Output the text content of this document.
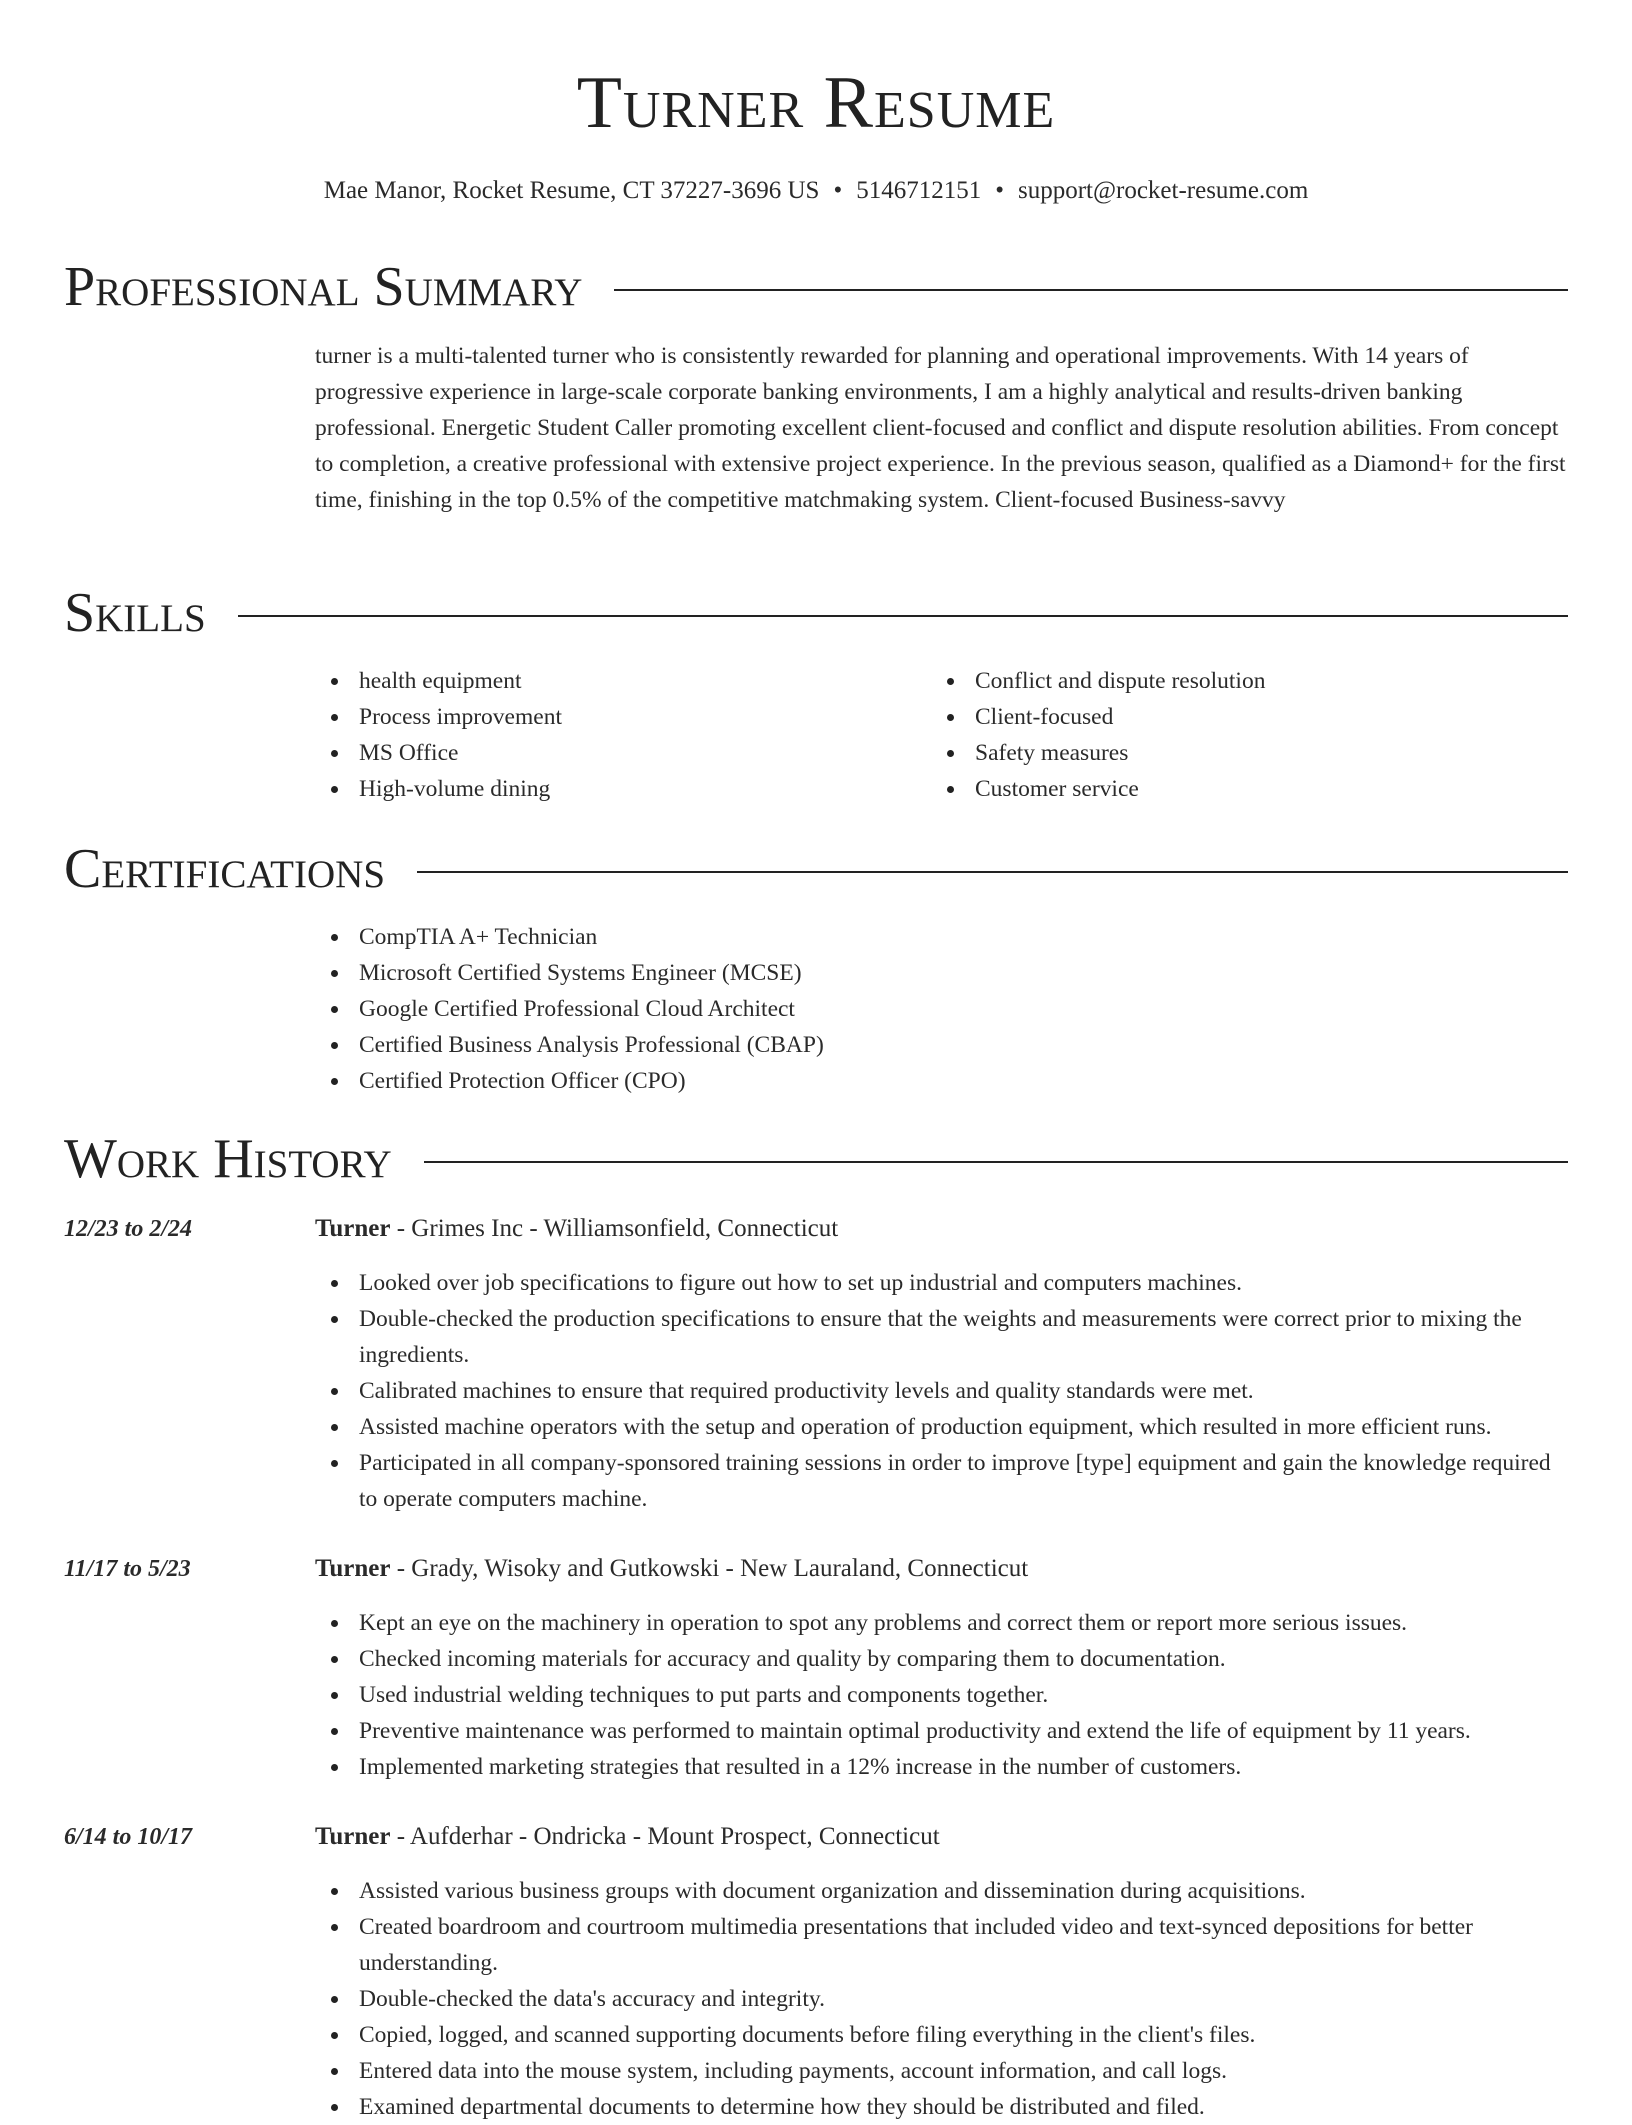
Turner Resume
Mae Manor, Rocket Resume, CT 37227-3696 US • 5146712151 • support@rocket-resume.com
Professional Summary
turner is a multi-talented turner who is consistently rewarded for planning and operational improvements. With 14 years of progressive experience in large-scale corporate banking environments, I am a highly analytical and results-driven banking professional. Energetic Student Caller promoting excellent client-focused and conflict and dispute resolution abilities. From concept to completion, a creative professional with extensive project experience. In the previous season, qualified as a Diamond+ for the first time, finishing in the top 0.5% of the competitive matchmaking system. Client-focused Business-savvy
Skills
health equipment
Process improvement
MS Office
High-volume dining
Conflict and dispute resolution
Client-focused
Safety measures
Customer service
Certifications
CompTIA A+ Technician
Microsoft Certified Systems Engineer (MCSE)
Google Certified Professional Cloud Architect
Certified Business Analysis Professional (CBAP)
Certified Protection Officer (CPO)
Work History
12/23 to 2/24	Turner - Grimes Inc - Williamsonfield, Connecticut
Looked over job specifications to figure out how to set up industrial and computers machines.
Double-checked the production specifications to ensure that the weights and measurements were correct prior to mixing the ingredients.
Calibrated machines to ensure that required productivity levels and quality standards were met.
Assisted machine operators with the setup and operation of production equipment, which resulted in more efficient runs.
Participated in all company-sponsored training sessions in order to improve [type] equipment and gain the knowledge required to operate computers machine.
11/17 to 5/23	Turner - Grady, Wisoky and Gutkowski - New Lauraland, Connecticut
Kept an eye on the machinery in operation to spot any problems and correct them or report more serious issues.
Checked incoming materials for accuracy and quality by comparing them to documentation.
Used industrial welding techniques to put parts and components together.
Preventive maintenance was performed to maintain optimal productivity and extend the life of equipment by 11 years.
Implemented marketing strategies that resulted in a 12% increase in the number of customers.
6/14 to 10/17	Turner - Aufderhar - Ondricka - Mount Prospect, Connecticut
Assisted various business groups with document organization and dissemination during acquisitions.
Created boardroom and courtroom multimedia presentations that included video and text-synced depositions for better understanding.
Double-checked the data's accuracy and integrity.
Copied, logged, and scanned supporting documents before filing everything in the client's files.
Entered data into the mouse system, including payments, account information, and call logs.
Examined departmental documents to determine how they should be distributed and filed.
